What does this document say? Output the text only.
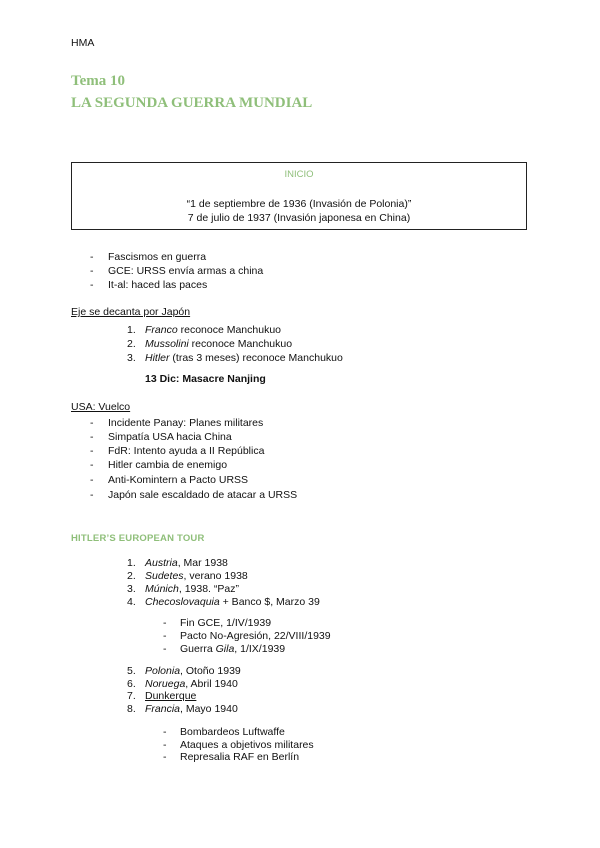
HMA
Tema 10
LA SEGUNDA GUERRA MUNDIAL
INICIO
“1 de septiembre de 1936 (Invasión de Polonia)”
7 de julio de 1937 (Invasión japonesa en China)
- Fascismos en guerra
- GCE: URSS envía armas a china
- It-al: haced las paces
Eje se decanta por Japón
1. Franco reconoce Manchukuo
2. Mussolini reconoce Manchukuo
3. Hitler (tras 3 meses) reconoce Manchukuo
13 Dic: Masacre Nanjing
USA: Vuelco
- Incidente Panay: Planes militares
- Simpatía USA hacia China
- FdR: Intento ayuda a II República
- Hitler cambia de enemigo
- Anti-Komintern a Pacto URSS
- Japón sale escaldado de atacar a URSS
HITLER’S EUROPEAN TOUR
1. Austria, Mar 1938
2. Sudetes, verano 1938
3. Múnich, 1938. “Paz”
4. Checoslovaquia + Banco $, Marzo 39
- Fin GCE, 1/IV/1939
- Pacto No-Agresión, 22/VIII/1939
- Guerra Gila, 1/IX/1939
5. Polonia, Otoño 1939
6. Noruega, Abril 1940
7. Dunkerque
8. Francia, Mayo 1940
- Bombardeos Luftwaffe
- Ataques a objetivos militares
- Represalia RAF en Berlín
